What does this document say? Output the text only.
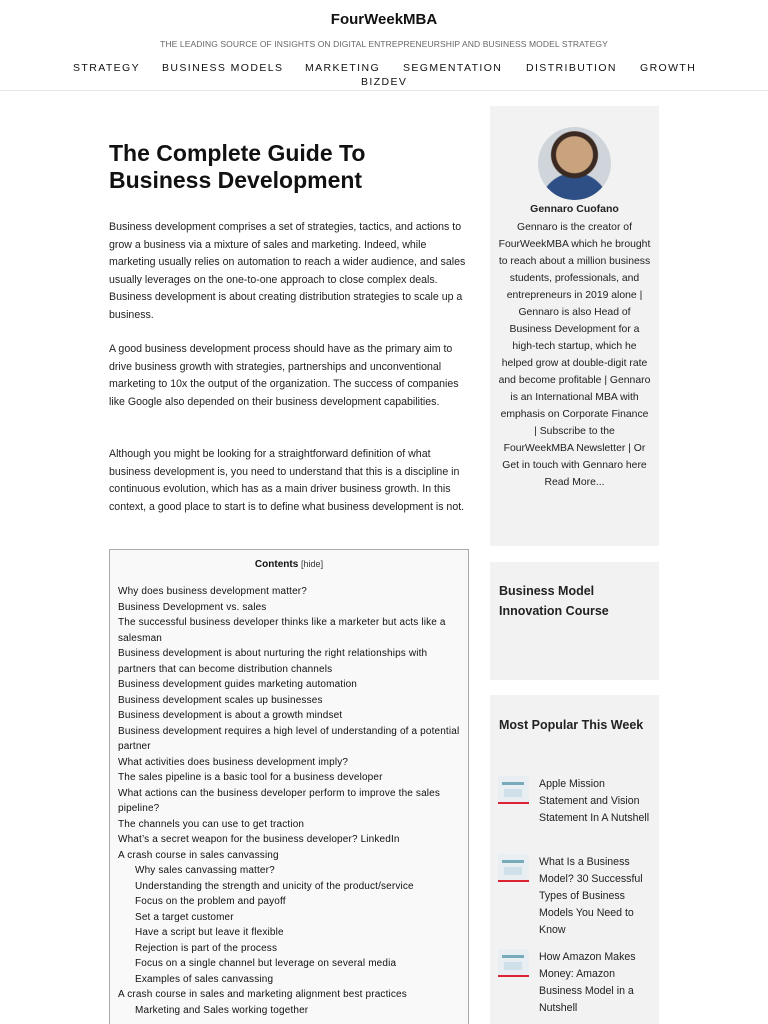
FourWeekMBA
THE LEADING SOURCE OF INSIGHTS ON DIGITAL ENTREPRENEURSHIP AND BUSINESS MODEL STRATEGY
STRATEGY BUSINESS MODELS MARKETING SEGMENTATION DISTRIBUTION GROWTH
BIZDEV
The Complete Guide To Business Development

Business development comprises a set of strategies, tactics, and actions to grow a business via a mixture of sales and marketing. Indeed, while marketing usually relies on automation to reach a wider audience, and sales usually leverages on the one-to-one approach to close complex deals. Business development is about creating distribution strategies to scale up a business.

A good business development process should have as the primary aim to drive business growth with strategies, partnerships and unconventional marketing to 10x the output of the organization. The success of companies like Google also depended on their business development capabilities.

Although you might be looking for a straightforward definition of what business development is, you need to understand that this is a discipline in continuous evolution, which has as a main driver business growth. In this context, a good place to start is to define what business development is not.

Contents [hide]
Why does business development matter?
Business Development vs. sales
The successful business developer thinks like a marketer but acts like a salesman
Business development is about nurturing the right relationships with partners that can become distribution channels
Business development guides marketing automation
Business development scales up businesses
Business development is about a growth mindset
Business development requires a high level of understanding of a potential partner
What activities does business development imply?
The sales pipeline is a basic tool for a business developer
What actions can the business developer perform to improve the sales pipeline?
The channels you can use to get traction
What’s a secret weapon for the business developer? LinkedIn
A crash course in sales canvassing
Why sales canvassing matter?
Understanding the strength and unicity of the product/service
Focus on the problem and payoff
Set a target customer
Have a script but leave it flexible
Rejection is part of the process
Focus on a single channel but leverage on several media
Examples of sales canvassing
A crash course in sales and marketing alignment best practices
Marketing and Sales working together
Gennaro Cuofano
Gennaro is the creator of FourWeekMBA which he brought to reach about a million business students, professionals, and entrepreneurs in 2019 alone | Gennaro is also Head of Business Development for a high-tech startup, which he helped grow at double-digit rate and become profitable | Gennaro is an International MBA with emphasis on Corporate Finance | Subscribe to the FourWeekMBA Newsletter | Or Get in touch with Gennaro here Read More...
Business Model Innovation Course
Most Popular This Week
Apple Mission Statement and Vision Statement In A Nutshell
What Is a Business Model? 30 Successful Types of Business Models You Need to Know
How Amazon Makes Money: Amazon Business Model in a Nutshell
